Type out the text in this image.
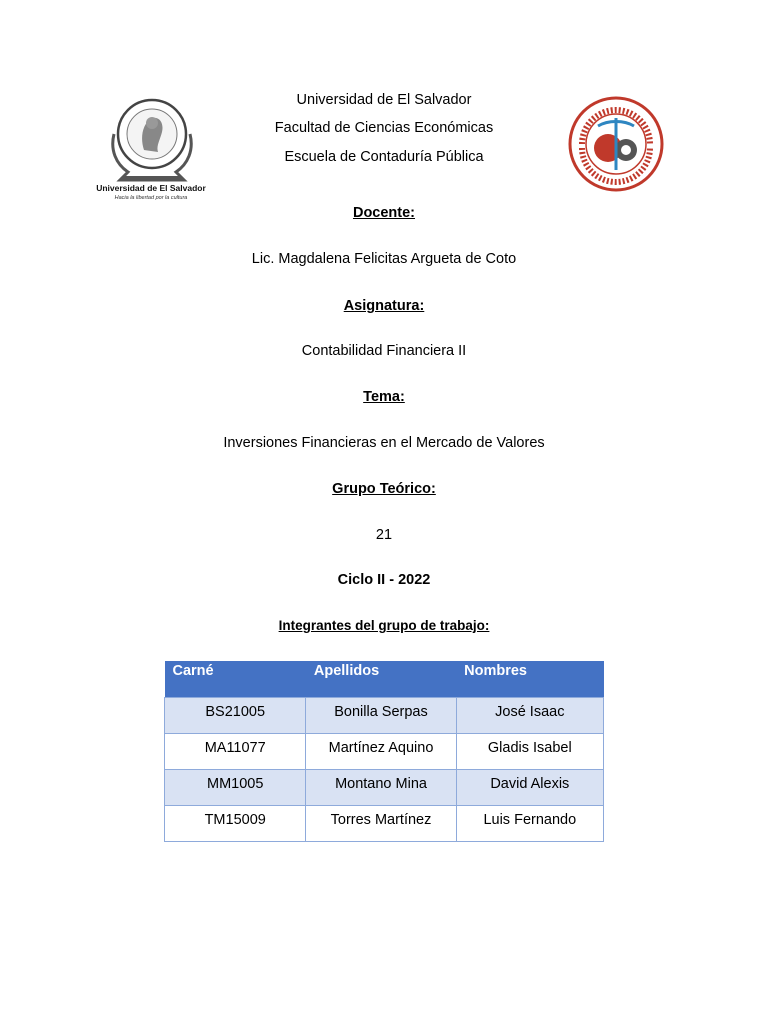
Universidad de El Salvador
Hacia la libertad por la cultura
Universidad de El Salvador
Facultad de Ciencias Económicas
Escuela de Contaduría Pública
Docente:
Lic. Magdalena Felicitas Argueta de Coto
Asignatura:
Contabilidad Financiera II
Tema:
Inversiones Financieras en el Mercado de Valores
Grupo Teórico:
21
Ciclo II - 2022
Integrantes del grupo de trabajo:
Carné	Apellidos	Nombres
BS21005	Bonilla Serpas	José Isaac
MA11077	Martínez Aquino	Gladis Isabel
MM1005	Montano Mina	David Alexis
TM15009	Torres Martínez	Luis Fernando
